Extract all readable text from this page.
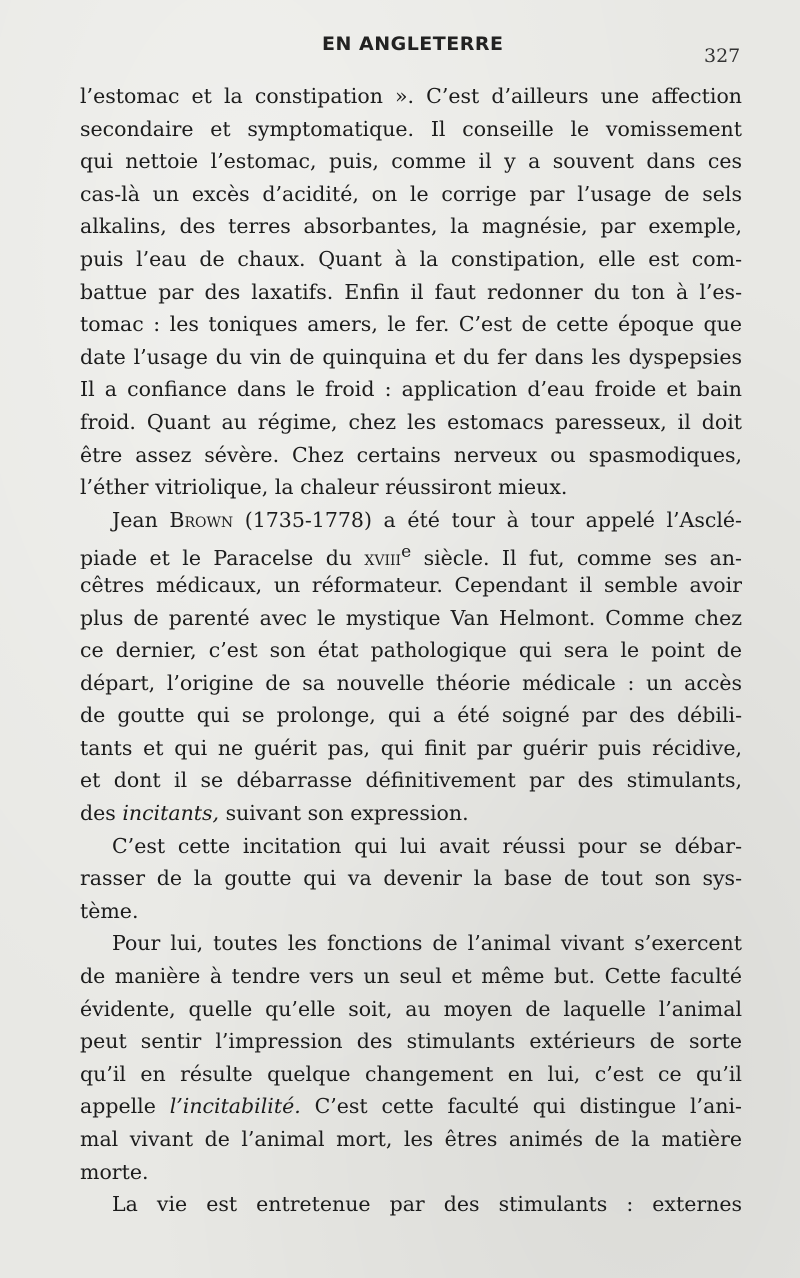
EN ANGLETERRE
327
l’estomac et la constipation ». C’est d’ailleurs une affection
secondaire et symptomatique. Il conseille le vomissement
qui nettoie l’estomac, puis, comme il y a souvent dans ces
cas-là un excès d’acidité, on le corrige par l’usage de sels
alkalins, des terres absorbantes, la magnésie, par exemple,
puis l’eau de chaux. Quant à la constipation, elle est com-
battue par des laxatifs. Enfin il faut redonner du ton à l’es-
tomac : les toniques amers, le fer. C’est de cette époque que
date l’usage du vin de quinquina et du fer dans les dyspepsies
Il a confiance dans le froid : application d’eau froide et bain
froid. Quant au régime, chez les estomacs paresseux, il doit
être assez sévère. Chez certains nerveux ou spasmodiques,
l’éther vitriolique, la chaleur réussiront mieux.
Jean Brown (1735-1778) a été tour à tour appelé l’Asclé-
piade et le Paracelse du xviii$^e$ siècle. Il fut, comme ses an-
cêtres médicaux, un réformateur. Cependant il semble avoir
plus de parenté avec le mystique Van Helmont. Comme chez
ce dernier, c’est son état pathologique qui sera le point de
départ, l’origine de sa nouvelle théorie médicale : un accès
de goutte qui se prolonge, qui a été soigné par des débili-
tants et qui ne guérit pas, qui finit par guérir puis récidive,
et dont il se débarrasse définitivement par des stimulants,
des incitants, suivant son expression.
C’est cette incitation qui lui avait réussi pour se débar-
rasser de la goutte qui va devenir la base de tout son sys-
tème.
Pour lui, toutes les fonctions de l’animal vivant s’exercent
de manière à tendre vers un seul et même but. Cette faculté
évidente, quelle qu’elle soit, au moyen de laquelle l’animal
peut sentir l’impression des stimulants extérieurs de sorte
qu’il en résulte quelque changement en lui, c’est ce qu’il
appelle l’incitabilité. C’est cette faculté qui distingue l’ani-
mal vivant de l’animal mort, les êtres animés de la matière
morte.
La vie est entretenue par des stimulants : externes
